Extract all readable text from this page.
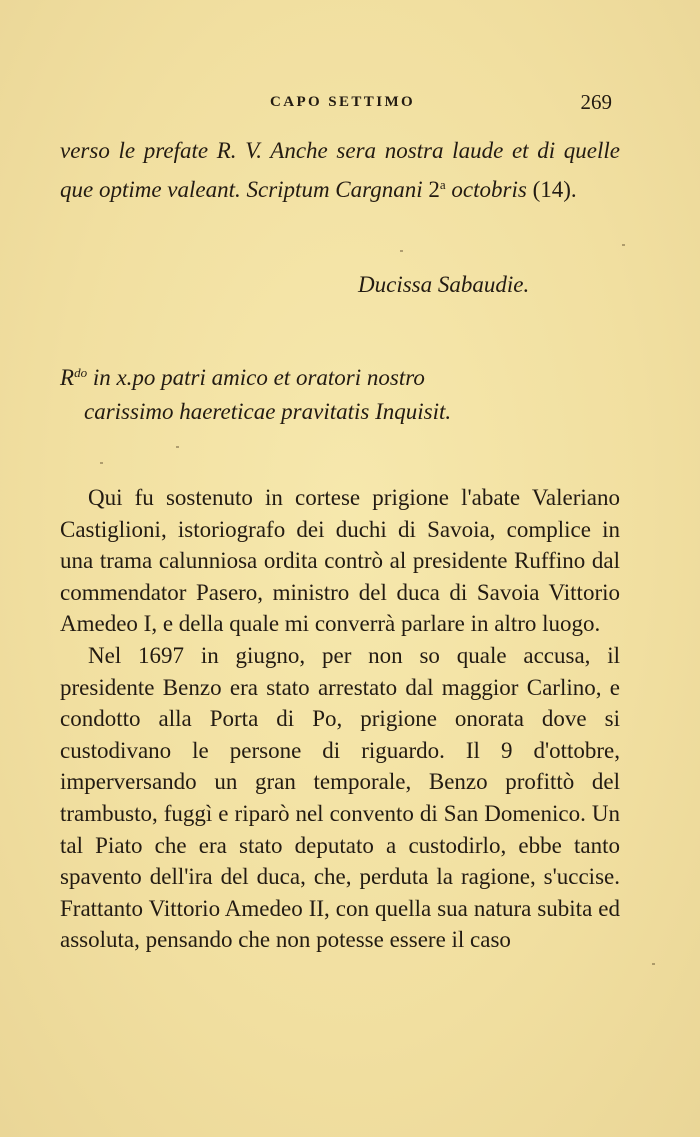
CAPO SETTIMO	269
verso le prefate R. V. Anche sera nostra laude et di quelle que optime valeant. Scriptum Cargnani 2$^a$ octobris (14).
Ducissa Sabaudie.
$R^{do}$ in x.po patri amico et oratori nostro
carissimo haereticae pravitatis Inquisit.

Qui fu sostenuto in cortese prigione l'abate Valeriano Castiglioni, istoriografo dei duchi di Savoia, complice in una trama calunniosa ordita contrò al presidente Ruffino dal commendator Pasero, ministro del duca di Savoia Vittorio Amedeo I, e della quale mi converrà parlare in altro luogo.

Nel 1697 in giugno, per non so quale accusa, il presidente Benzo era stato arrestato dal maggior Carlino, e condotto alla Porta di Po, prigione onorata dove si custodivano le persone di riguardo. Il 9 d'ottobre, imperversando un gran temporale, Benzo profittò del trambusto, fuggì e riparò nel convento di San Domenico. Un tal Piato che era stato deputato a custodirlo, ebbe tanto spavento dell'ira del duca, che, perduta la ragione, s'uccise. Frattanto Vittorio Amedeo II, con quella sua natura subita ed assoluta, pensando che non potesse essere il caso
